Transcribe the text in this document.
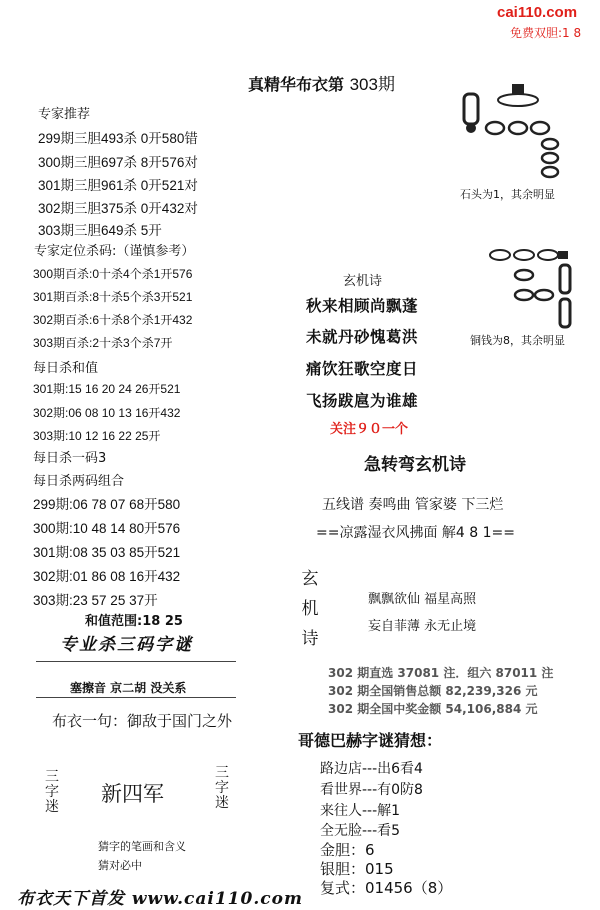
cai110.com
免费双胆:1 8
真精华布衣第 303期
专家推荐
299期三胆493杀 0开580错
300期三胆697杀 8开576对
301期三胆961杀 0开521对
302期三胆375杀 0开432对
303期三胆649杀 5开
专家定位杀码:（谨慎参考）
300期百杀:0十杀4个杀1开576
301期百杀:8十杀5个杀3开521
302期百杀:6十杀8个杀1开432
303期百杀:2十杀3个杀7开
每日杀和值
301期:15 16 20 24 26开521
302期:06 08 10 13 16开432
303期:10 12 16 22 25开
每日杀一码3
每日杀两码组合
299期:06 78 07 68开580
300期:10 48 14 80开576
301期:08 35 03 85开521
302期:01 86 08 16开432
303期:23 57 25 37开
和值范围:18 25
专业杀三码字谜
塞擦音 京二胡 没关系
布衣一句：御敌于国门之外
三字迷
新四军
三字迷
猜字的笔画和含义
猜对必中
布衣天下首发 www.cai110.com
石头为1，其余明显
铜钱为8，其余明显
玄机诗
秋来相顾尚飘蓬
未就丹砂愧葛洪
痛饮狂歌空度日
飞扬跋扈为谁雄
关注９０一个
急转弯玄机诗
五线谱 奏鸣曲 管家婆 下三烂
==凉露湿衣风拂面 解4 8 1==
玄机诗
飘飘欲仙 福星高照
妄自菲薄 永无止境
302 期直选 37081 注．组六 87011 注
302 期全国销售总额 82,239,326 元
302 期全国中奖金额 54,106,884 元
哥德巴赫字谜猜想：
路边店---出6看4
看世界---有0防8
来往人---解1
全无脸---看5
金胆：6
银胆：015
复式：01456（8）
